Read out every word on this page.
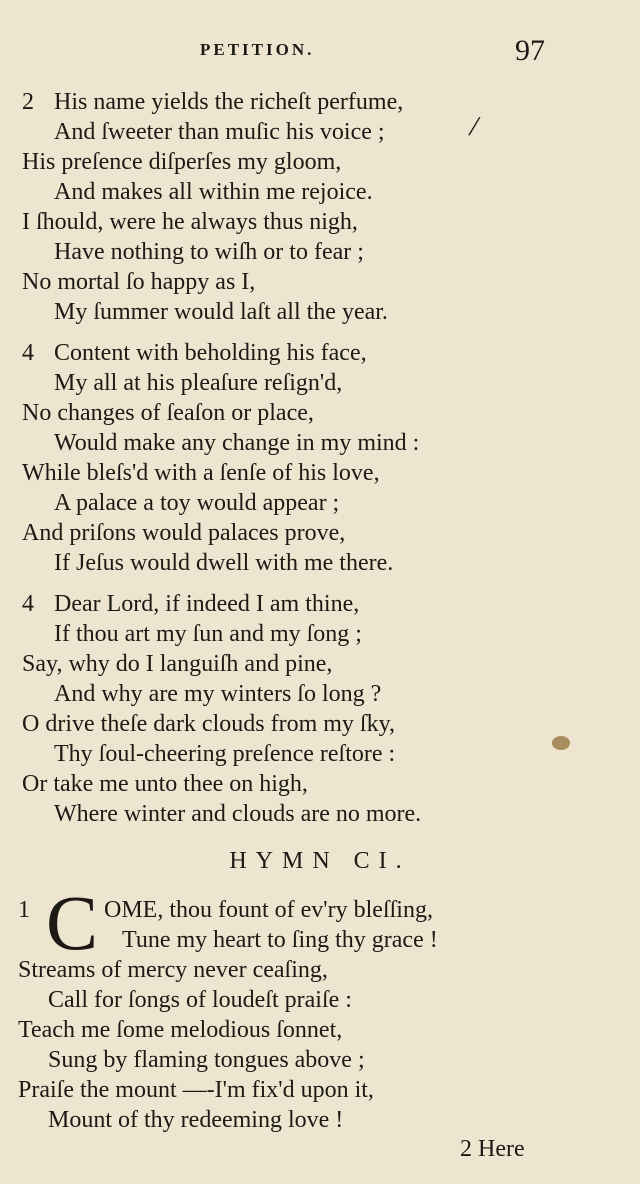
PETITION.	97
2 His name yields the richeſt perfume,
And ſweeter than muſic his voice ;
His preſence diſperſes my gloom,
And makes all within me rejoice.
I ſhould, were he always thus nigh,
Have nothing to wiſh or to fear ;
No mortal ſo happy as I,
My ſummer would laſt all the year.
4 Content with beholding his face,
My all at his pleaſure reſign'd,
No changes of ſeaſon or place,
Would make any change in my mind :
While bleſs'd with a ſenſe of his love,
A palace a toy would appear ;
And priſons would palaces prove,
If Jeſus would dwell with me there.
4 Dear Lord, if indeed I am thine,
If thou art my ſun and my ſong ;
Say, why do I languiſh and pine,
And why are my winters ſo long ?
O drive theſe dark clouds from my ſky,
Thy ſoul-cheering preſence reſtore :
Or take me unto thee on high,
Where winter and clouds are no more.
HYMN CI.
C
1	OME, thou fount of ev'ry bleſſing,
Tune my heart to ſing thy grace !
Streams of mercy never ceaſing,
Call for ſongs of loudeſt praiſe :
Teach me ſome melodious ſonnet,
Sung by flaming tongues above ;
Praiſe the mount —-I'm fix'd upon it,
Mount of thy redeeming love !
2 Here
/
